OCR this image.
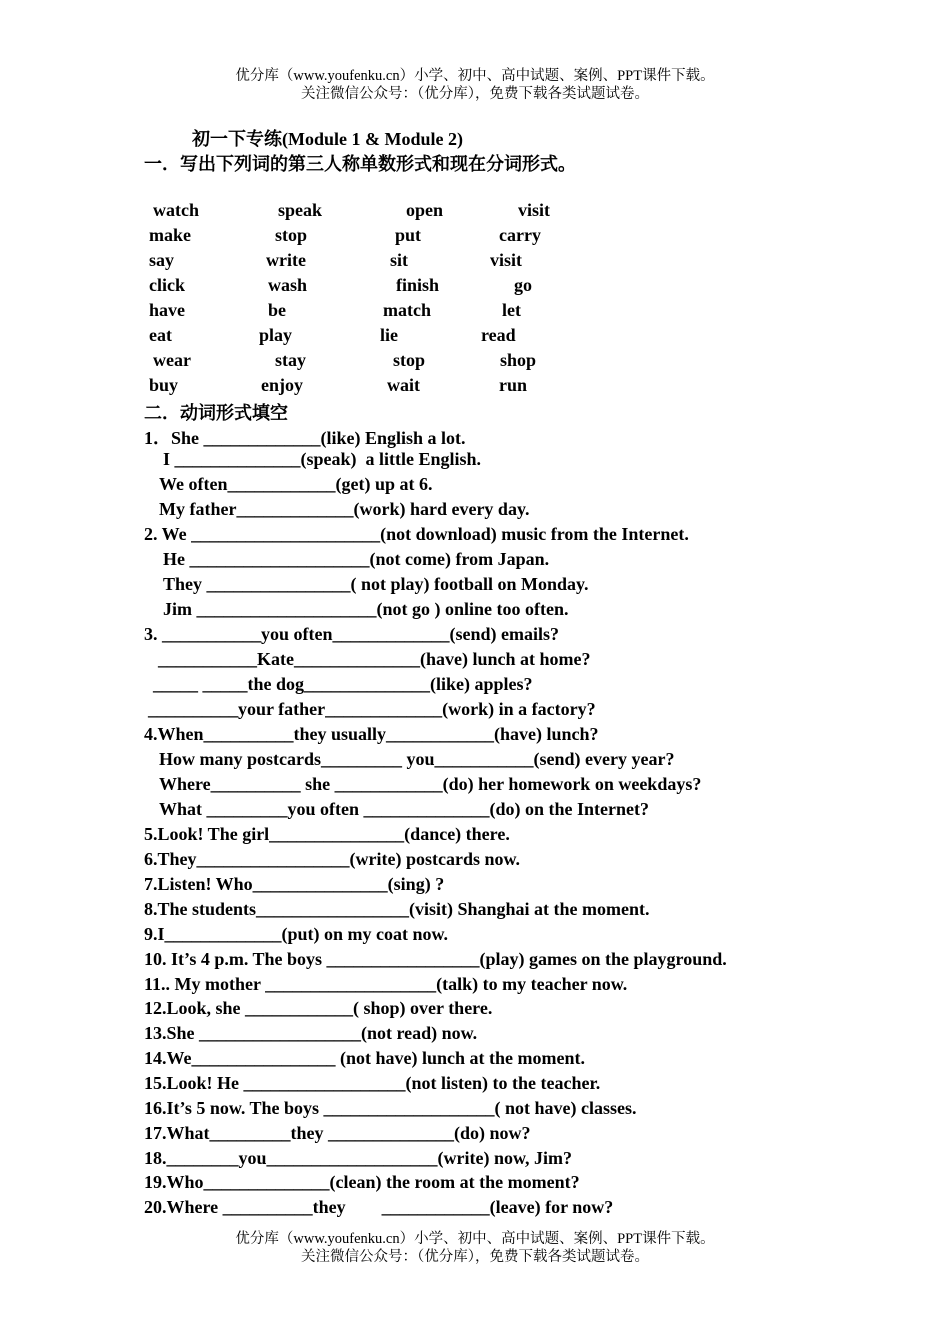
优分库（www.youfenku.cn）小学、初中、高中试题、案例、PPT课件下载。
关注微信公众号：（优分库），免费下载各类试题试卷。
初一下专练(Module 1 & Module 2)
一．写出下列词的第三人称单数形式和现在分词形式。
watch	speak	open	visit
make	stop	put	carry
say	write	sit	visit
click	wash	finish	go
have	be	match	let
eat	play	lie	read
wear	stay	stop	shop
buy	enjoy	wait	run
二．动词形式填空
1．She _____________(like) English a lot.
I ______________(speak)  a little English.
We often____________(get) up at 6.
My father_____________(work) hard every day.
2. We _____________________(not download) music from the Internet.
He ____________________(not come) from Japan.
They ________________( not play) football on Monday.
Jim ____________________(not go ) online too often.
3. ___________you often_____________(send) emails?
___________Kate______________(have) lunch at home?
_____ _____the dog______________(like) apples?
__________your father_____________(work) in a factory?
4.When__________they usually____________(have) lunch?
How many postcards_________ you___________(send) every year?
Where__________ she ____________(do) her homework on weekdays?
What _________you often ______________(do) on the Internet?
5.Look! The girl_______________(dance) there.
6.They_________________(write) postcards now.
7.Listen! Who_______________(sing) ?
8.The students_________________(visit) Shanghai at the moment.
9.I_____________(put) on my coat now.
10. It’s 4 p.m. The boys _________________(play) games on the playground.
11.. My mother ___________________(talk) to my teacher now.
12.Look, she ____________( shop) over there.
13.She __________________(not read) now.
14.We________________ (not have) lunch at the moment.
15.Look! He __________________(not listen) to the teacher.
16.It’s 5 now. The boys ___________________( not have) classes.
17.What_________they ______________(do) now?
18.________you___________________(write) now, Jim?
19.Who______________(clean) the room at the moment?
20.Where __________they        ____________(leave) for now?
优分库（www.youfenku.cn）小学、初中、高中试题、案例、PPT课件下载。
关注微信公众号：（优分库），免费下载各类试题试卷。
